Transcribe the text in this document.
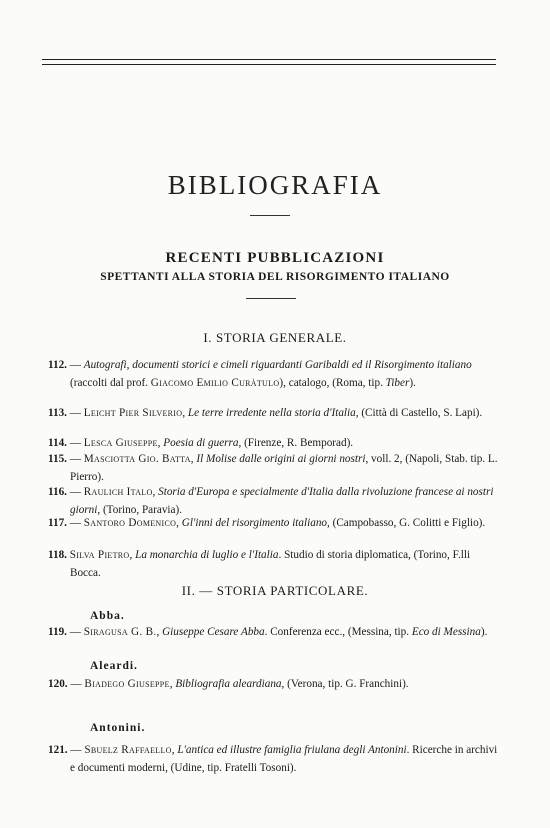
BIBLIOGRAFIA
RECENTI PUBBLICAZIONI
SPETTANTI ALLA STORIA DEL RISORGIMENTO ITALIANO
I. STORIA GENERALE.
112. — Autografi, documenti storici e cimeli riguardanti Garibaldi ed il Risorgimento italiano (raccolti dal prof. Giacomo Emilio Curàtulo), catalogo, (Roma, tip. Tiber).
113. — Leicht Pier Silverio, Le terre irredente nella storia d'Italia, (Città di Castello, S. Lapi).
114. — Lesca Giuseppe, Poesia di guerra, (Firenze, R. Bemporad).
115. — Masciotta Gio. Batta, Il Molise dalle origini ai giorni nostri, voll. 2, (Napoli, Stab. tip. L. Pierro).
116. — Raulich Italo, Storia d'Europa e specialmente d'Italia dalla rivoluzione francese ai nostri giorni, (Torino, Paravia).
117. — Santoro Domenico, Gl'inni del risorgimento italiano, (Campobasso, G. Colitti e Figlio).
118. Silva Pietro, La monarchia di luglio e l'Italia. Studio di storia diplomatica, (Torino, F.lli Bocca.
II. — STORIA PARTICOLARE.
Abba.
119. — Siragusa G. B., Giuseppe Cesare Abba. Conferenza ecc., (Messina, tip. Eco di Messina).
Aleardi.
120. — Biadego Giuseppe, Bibliografia aleardiana, (Verona, tip. G. Franchini).
Antonini.
121. — Sbuelz Raffaello, L'antica ed illustre famiglia friulana degli Antonini. Ricerche in archivi e documenti moderni, (Udine, tip. Fratelli Tosoni).
